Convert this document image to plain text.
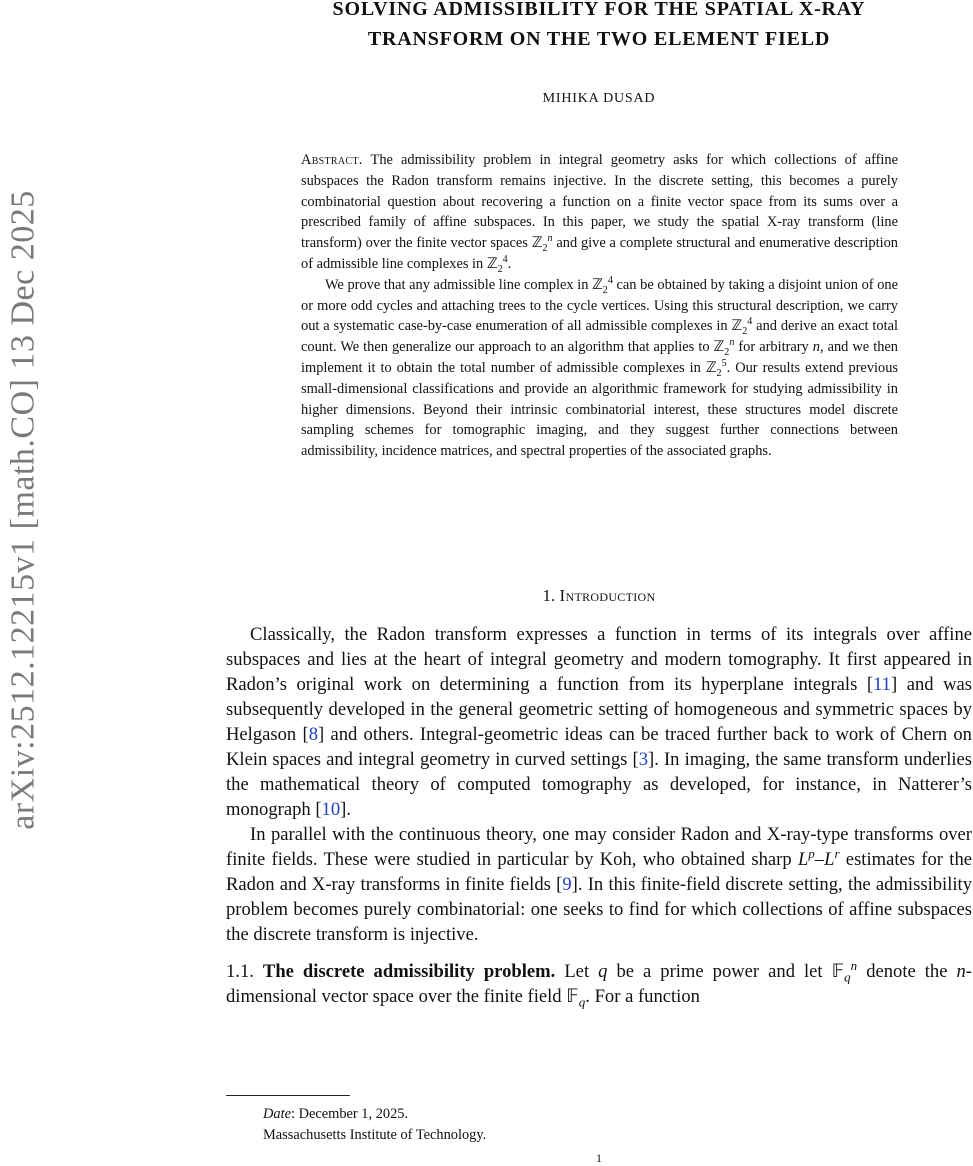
arXiv:2512.12215v1 [math.CO] 13 Dec 2025
SOLVING ADMISSIBILITY FOR THE SPATIAL X-RAY
TRANSFORM ON THE TWO ELEMENT FIELD
MIHIKA DUSAD

Abstract. The admissibility problem in integral geometry asks for which collections of affine subspaces the Radon transform remains injective. In the discrete setting, this becomes a purely combinatorial question about recovering a function on a finite vector space from its sums over a prescribed family of affine subspaces. In this paper, we study the spatial X-ray transform (line transform) over the finite vector spaces ℤ$_2^n$ and give a complete structural and enumerative description of admissible line complexes in ℤ$_2^4$.

We prove that any admissible line complex in ℤ$_2^4$ can be obtained by taking a disjoint union of one or more odd cycles and attaching trees to the cycle vertices. Using this structural description, we carry out a systematic case-by-case enumeration of all admissible complexes in ℤ$_2^4$ and derive an exact total count. We then generalize our approach to an algorithm that applies to ℤ$_2^n$ for arbitrary n, and we then implement it to obtain the total number of admissible complexes in ℤ$_2^5$. Our results extend previous small-dimensional classifications and provide an algorithmic framework for studying admissibility in higher dimensions. Beyond their intrinsic combinatorial interest, these structures model discrete sampling schemes for tomographic imaging, and they suggest further connections between admissibility, incidence matrices, and spectral properties of the associated graphs.

1. Introduction

Classically, the Radon transform expresses a function in terms of its integrals over affine subspaces and lies at the heart of integral geometry and modern tomography. It first appeared in Radon’s original work on determining a function from its hyperplane integrals [11] and was subsequently developed in the general geometric setting of homogeneous and symmetric spaces by Helgason [8] and others. Integral-geometric ideas can be traced further back to work of Chern on Klein spaces and integral geometry in curved settings [3]. In imaging, the same transform underlies the mathematical theory of computed tomography as developed, for instance, in Natterer’s monograph [10].

In parallel with the continuous theory, one may consider Radon and X-ray-type transforms over finite fields. These were studied in particular by Koh, who obtained sharp $L^p-L^r$ estimates for the Radon and X-ray transforms in finite fields [9]. In this finite-field discrete setting, the admissibility problem becomes purely combinatorial: one seeks to find for which collections of affine subspaces the discrete transform is injective.

1.1. The discrete admissibility problem. Let q be a prime power and let 𝔽$_q^n$ denote the n-dimensional vector space over the finite field 𝔽$_q$. For a function

Date: December 1, 2025.
Massachusetts Institute of Technology.
1
